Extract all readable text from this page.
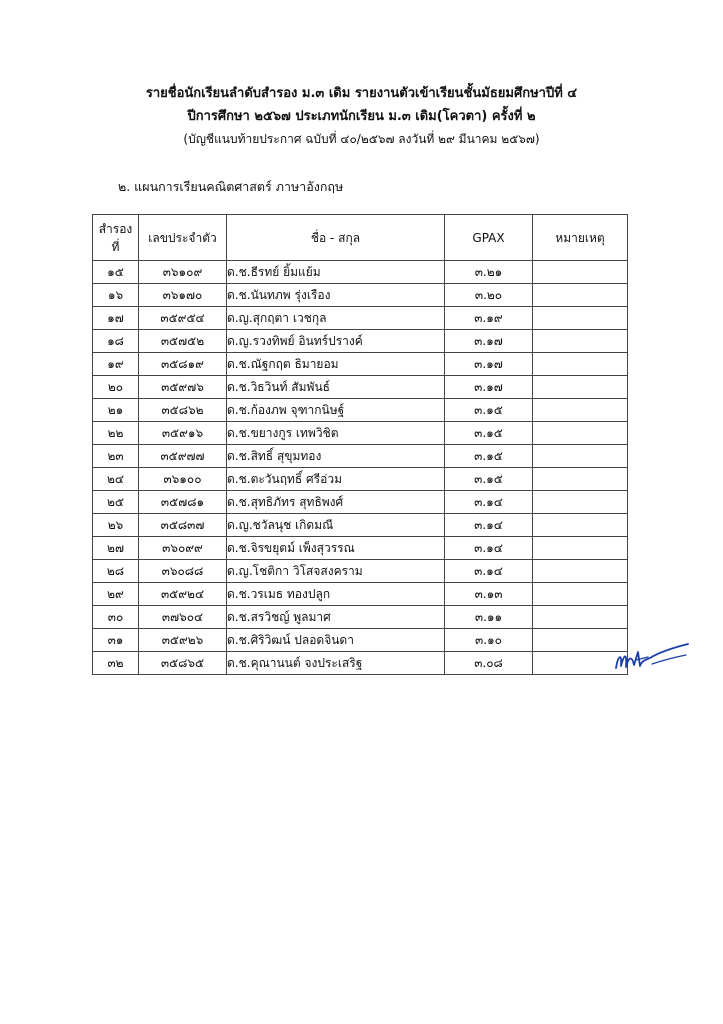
รายชื่อนักเรียนลำดับสำรอง ม.๓ เดิม รายงานตัวเข้าเรียนชั้นมัธยมศึกษาปีที่ ๔
ปีการศึกษา ๒๕๖๗ ประเภทนักเรียน ม.๓ เดิม(โควตา) ครั้งที่ ๒
(บัญชีแนบท้ายประกาศ ฉบับที่ ๔๐/๒๕๖๗ ลงวันที่ ๒๙ มีนาคม ๒๕๖๗)
๒. แผนการเรียนคณิตศาสตร์ ภาษาอังกฤษ
สำรอง
ที่	เลขประจำตัว	ชื่อ - สกุล	GPAX	หมายเหตุ
๑๕	๓๖๑๐๙	ด.ช.ธีรทย์ ยิ้มแย้ม	๓.๒๑	
๑๖	๓๖๑๗๐	ด.ช.นันทภพ รุ่งเรือง	๓.๒๐	
๑๗	๓๕๙๕๔	ด.ญ.สุกฤตา เวชกุล	๓.๑๙	
๑๘	๓๕๗๕๒	ด.ญ.รวงทิพย์ อินทร์ปรางค์	๓.๑๗	
๑๙	๓๕๘๑๙	ด.ช.ณัฐกฤต ธิมายอม	๓.๑๗	
๒๐	๓๕๙๗๖	ด.ช.วิธวินท์ สัมพันธ์	๓.๑๗	
๒๑	๓๕๘๖๒	ด.ช.ก้องภพ จุฑากนิษฐ์	๓.๑๕	
๒๒	๓๕๙๑๖	ด.ช.ขยางกูร เทพวิชิต	๓.๑๕	
๒๓	๓๕๙๗๗	ด.ช.สิทธิ์ สุขุมทอง	๓.๑๕	
๒๔	๓๖๑๐๐	ด.ช.ตะวันฤทธิ์ ศรีอ่วม	๓.๑๕	
๒๕	๓๕๗๘๑	ด.ช.สุทธิภัทร สุทธิพงศ์	๓.๑๔	
๒๖	๓๕๘๓๗	ด.ญ.ชวัลนุช เกิดมณี	๓.๑๔	
๒๗	๓๖๐๙๙	ด.ช.จิรขยุตม์ เพ็งสุวรรณ	๓.๑๔	
๒๘	๓๖๐๘๘	ด.ญ.โชติกา วิโสจสงคราม	๓.๑๔	
๒๙	๓๕๙๒๔	ด.ช.วรเมธ ทองปลูก	๓.๑๓	
๓๐	๓๗๖๐๔	ด.ช.สรวิชญ์ พูลมาศ	๓.๑๑	
๓๑	๓๕๙๒๖	ด.ช.ศิริวิฒน์ ปลอดจินดา	๓.๑๐	
๓๒	๓๕๘๖๕	ด.ช.คุณานนต์ จงประเสริฐ	๓.๐๘	
